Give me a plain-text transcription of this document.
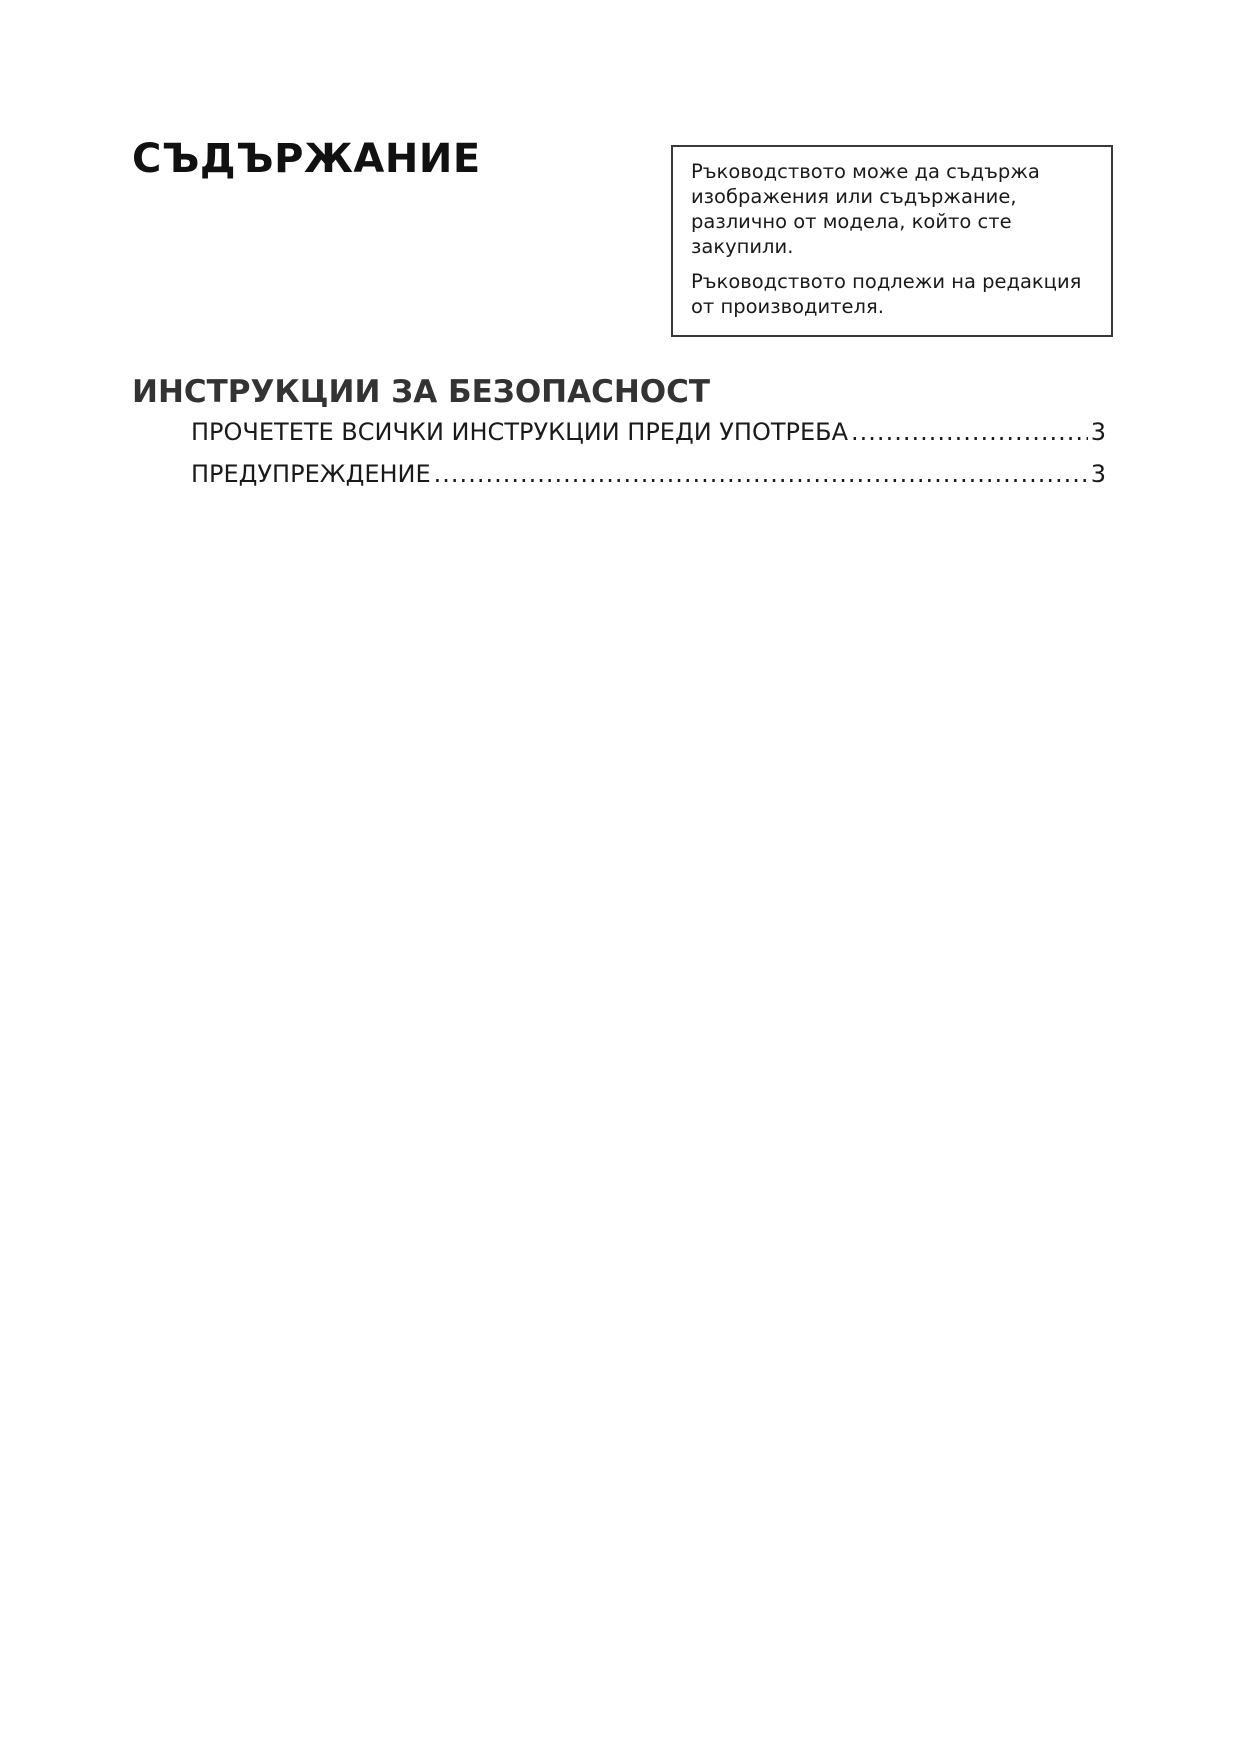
СЪДЪРЖАНИЕ	Ръководството може да съдържа изображения или съдържание, различно от модела, който сте закупили.

Ръководството подлежи на редакция от производителя.

ИНСТРУКЦИИ ЗА БЕЗОПАСНОСТ
ПРОЧЕТЕТЕ ВСИЧКИ ИНСТРУКЦИИ ПРЕДИ УПОТРЕБА .....	3
ПРЕДУПРЕЖДЕНИЕ .....	3
